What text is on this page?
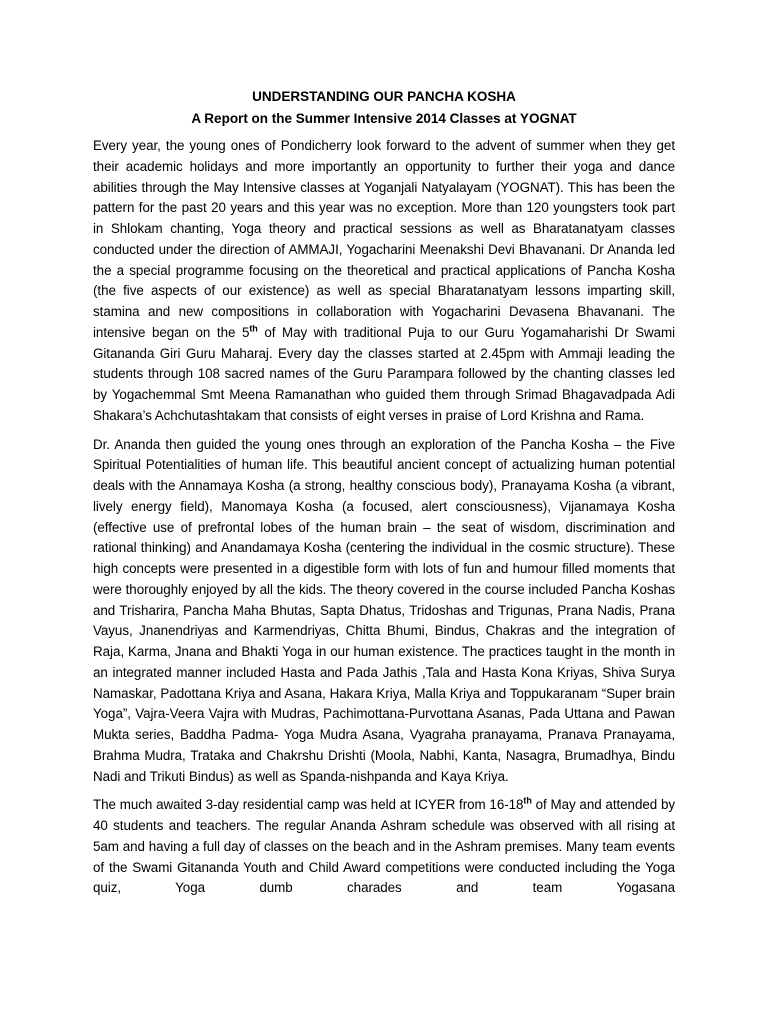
UNDERSTANDING OUR PANCHA KOSHA
A Report on the Summer Intensive 2014 Classes at YOGNAT

Every year, the young ones of Pondicherry look forward to the advent of summer when they get their academic holidays and more importantly an opportunity to further their yoga and dance abilities through the May Intensive classes at Yoganjali Natyalayam (YOGNAT). This has been the pattern for the past 20 years and this year was no exception. More than 120 youngsters took part in Shlokam chanting, Yoga theory and practical sessions as well as Bharatanatyam classes conducted under the direction of AMMAJI, Yogacharini Meenakshi Devi Bhavanani. Dr Ananda led the a special programme focusing on the theoretical and practical applications of Pancha Kosha (the five aspects of our existence) as well as special Bharatanatyam lessons imparting skill, stamina and new compositions in collaboration with Yogacharini Devasena Bhavanani. The intensive began on the 5th of May with traditional Puja to our Guru Yogamaharishi Dr Swami Gitananda Giri Guru Maharaj. Every day the classes started at 2.45pm with Ammaji leading the students through 108 sacred names of the Guru Parampara followed by the chanting classes led by Yogachemmal Smt Meena Ramanathan who guided them through Srimad Bhagavadpada Adi Shakara’s Achchutashtakam that consists of eight verses in praise of Lord Krishna and Rama.

Dr. Ananda then guided the young ones through an exploration of the Pancha Kosha – the Five Spiritual Potentialities of human life. This beautiful ancient concept of actualizing human potential deals with the Annamaya Kosha (a strong, healthy conscious body), Pranayama Kosha (a vibrant, lively energy field), Manomaya Kosha (a focused, alert consciousness), Vijanamaya Kosha (effective use of prefrontal lobes of the human brain – the seat of wisdom, discrimination and rational thinking) and Anandamaya Kosha (centering the individual in the cosmic structure). These high concepts were presented in a digestible form with lots of fun and humour filled moments that were thoroughly enjoyed by all the kids. The theory covered in the course included Pancha Koshas and Trisharira, Pancha Maha Bhutas, Sapta Dhatus, Tridoshas and Trigunas, Prana Nadis, Prana Vayus, Jnanendriyas and Karmendriyas, Chitta Bhumi, Bindus, Chakras and the integration of Raja, Karma, Jnana and Bhakti Yoga in our human existence. The practices taught in the month in an integrated manner included Hasta and Pada Jathis ,Tala and Hasta Kona Kriyas, Shiva Surya Namaskar, Padottana Kriya and Asana, Hakara Kriya, Malla Kriya and Toppukaranam “Super brain Yoga”, Vajra-Veera Vajra with Mudras, Pachimottana-Purvottana Asanas, Pada Uttana and Pawan Mukta series, Baddha Padma- Yoga Mudra Asana, Vyagraha pranayama, Pranava Pranayama, Brahma Mudra, Trataka and Chakrshu Drishti (Moola, Nabhi, Kanta, Nasagra, Brumadhya, Bindu Nadi and Trikuti Bindus) as well as Spanda-nishpanda and Kaya Kriya.

The much awaited 3-day residential camp was held at ICYER from 16-18th of May and attended by 40 students and teachers. The regular Ananda Ashram schedule was observed with all rising at 5am and having a full day of classes on the beach and in the Ashram premises. Many team events of the Swami Gitananda Youth and Child Award competitions were conducted including the Yoga quiz, Yoga dumb charades and team Yogasana
